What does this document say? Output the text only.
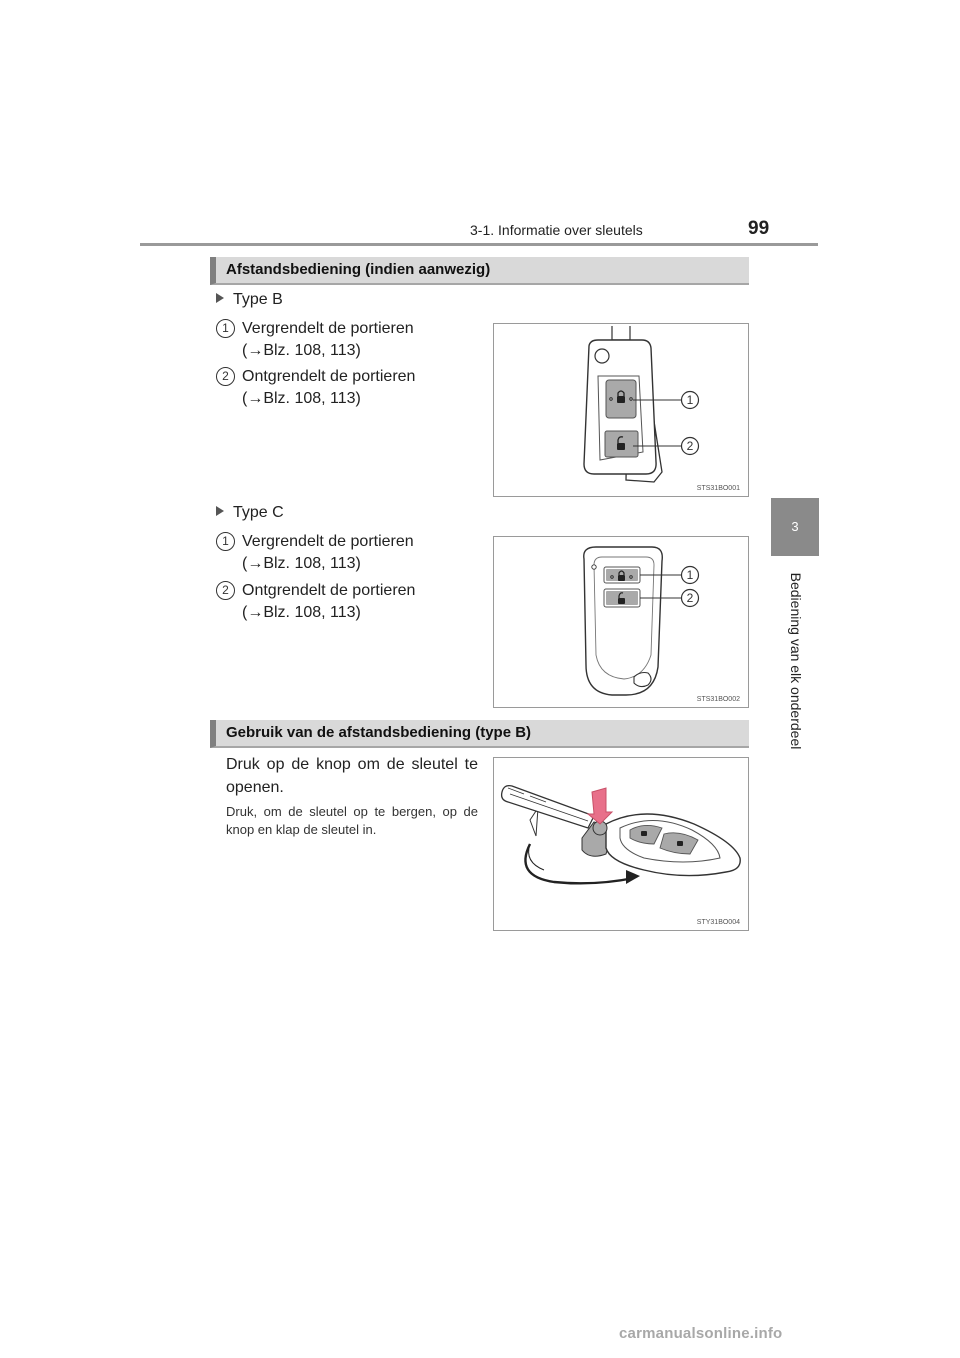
3-1. Informatie over sleutels	99
3
Bediening van elk onderdeel
Afstandsbediening (indien aanwezig)
Type B
1 Vergrendelt de portieren
(→Blz. 108, 113)
2 Ontgrendelt de portieren
(→Blz. 108, 113)	1
2
STS31BO001
Type C
1 Vergrendelt de portieren
(→Blz. 108, 113)
2 Ontgrendelt de portieren
(→Blz. 108, 113)
1
2
STS31BO002
Gebruik van de afstandsbediening (type B)
Druk op de knop om de sleutel te openen.
Druk, om de sleutel op te bergen, op de knop en klap de sleutel in.
STY31BO004
carmanualsonline.info
